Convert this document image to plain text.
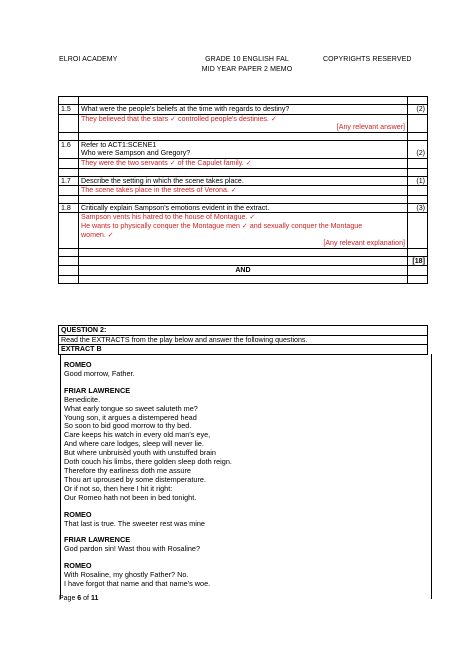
ELROI ACADEMY	GRADE 10 ENGLISH FAL
MID YEAR PAPER 2 MEMO
COPYRIGHTS RESERVED

1.5	What were the people's beliefs at the time with regards to destiny?	(2)

	They believed that the stars ✓ controlled people's destinies. ✓
[Any relevant answer]	

1.6	Refer to ACT1:SCENE1
Who were Sampson and Gregory?	(2)
	They were the two servants ✓ of the Capulet family. ✓	

1.7	Describe the setting in which the scene takes place.	(1)
	The scene takes place in the streets of Verona. ✓	

1.8	Critically explain Sampson's emotions evident in the extract.	(3)

	Sampson vents his hatred to the house of Montague. ✓
He wants to physically conquer the Montague men ✓ and sexually conquer the Montague
women. ✓
[Any relevant explanation]	

		[18]
	AND	

QUESTION 2:
Read the EXTRACTS from the play below and answer the following questions.
EXTRACT B
ROMEO
Good morrow, Father.
FRIAR LAWRENCE
Benedicite.
What early tongue so sweet saluteth me?
Young son, it argues a distempered head
So soon to bid good morrow to thy bed.
Care keeps his watch in every old man's eye,
And where care lodges, sleep will never lie.
But where unbruisèd youth with unstuffed brain
Doth couch his limbs, there golden sleep doth reign.
Therefore thy earliness doth me assure
Thou art uproused by some distemperature.
Or if not so, then here I hit it right:
Our Romeo hath not been in bed tonight.
ROMEO
That last is true. The sweeter rest was mine
FRIAR LAWRENCE
God pardon sin! Wast thou with Rosaline?
ROMEO
With Rosaline, my ghostly Father? No.
I have forgot that name and that name's woe.
Page 6 of 11
